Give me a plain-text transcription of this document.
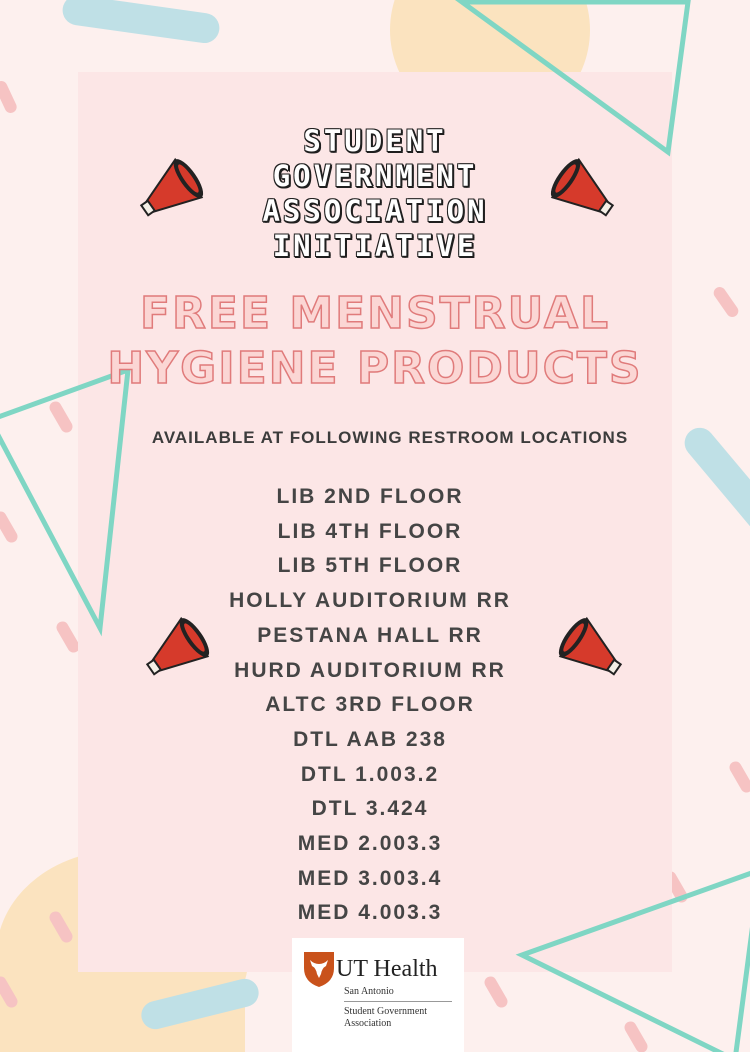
STUDENT
GOVERNMENT
ASSOCIATION
INITIATIVE
FREE MENSTRUAL
HYGIENE PRODUCTS
AVAILABLE AT FOLLOWING RESTROOM LOCATIONS
LIB 2ND FLOOR
LIB 4TH FLOOR
LIB 5TH FLOOR
HOLLY AUDITORIUM RR
PESTANA HALL RR
HURD AUDITORIUM RR
ALTC 3RD FLOOR
DTL AAB 238
DTL 1.003.2
DTL 3.424
MED 2.003.3
MED 3.003.4
MED 4.003.3
UT Health
San Antonio
Student Government
Association
